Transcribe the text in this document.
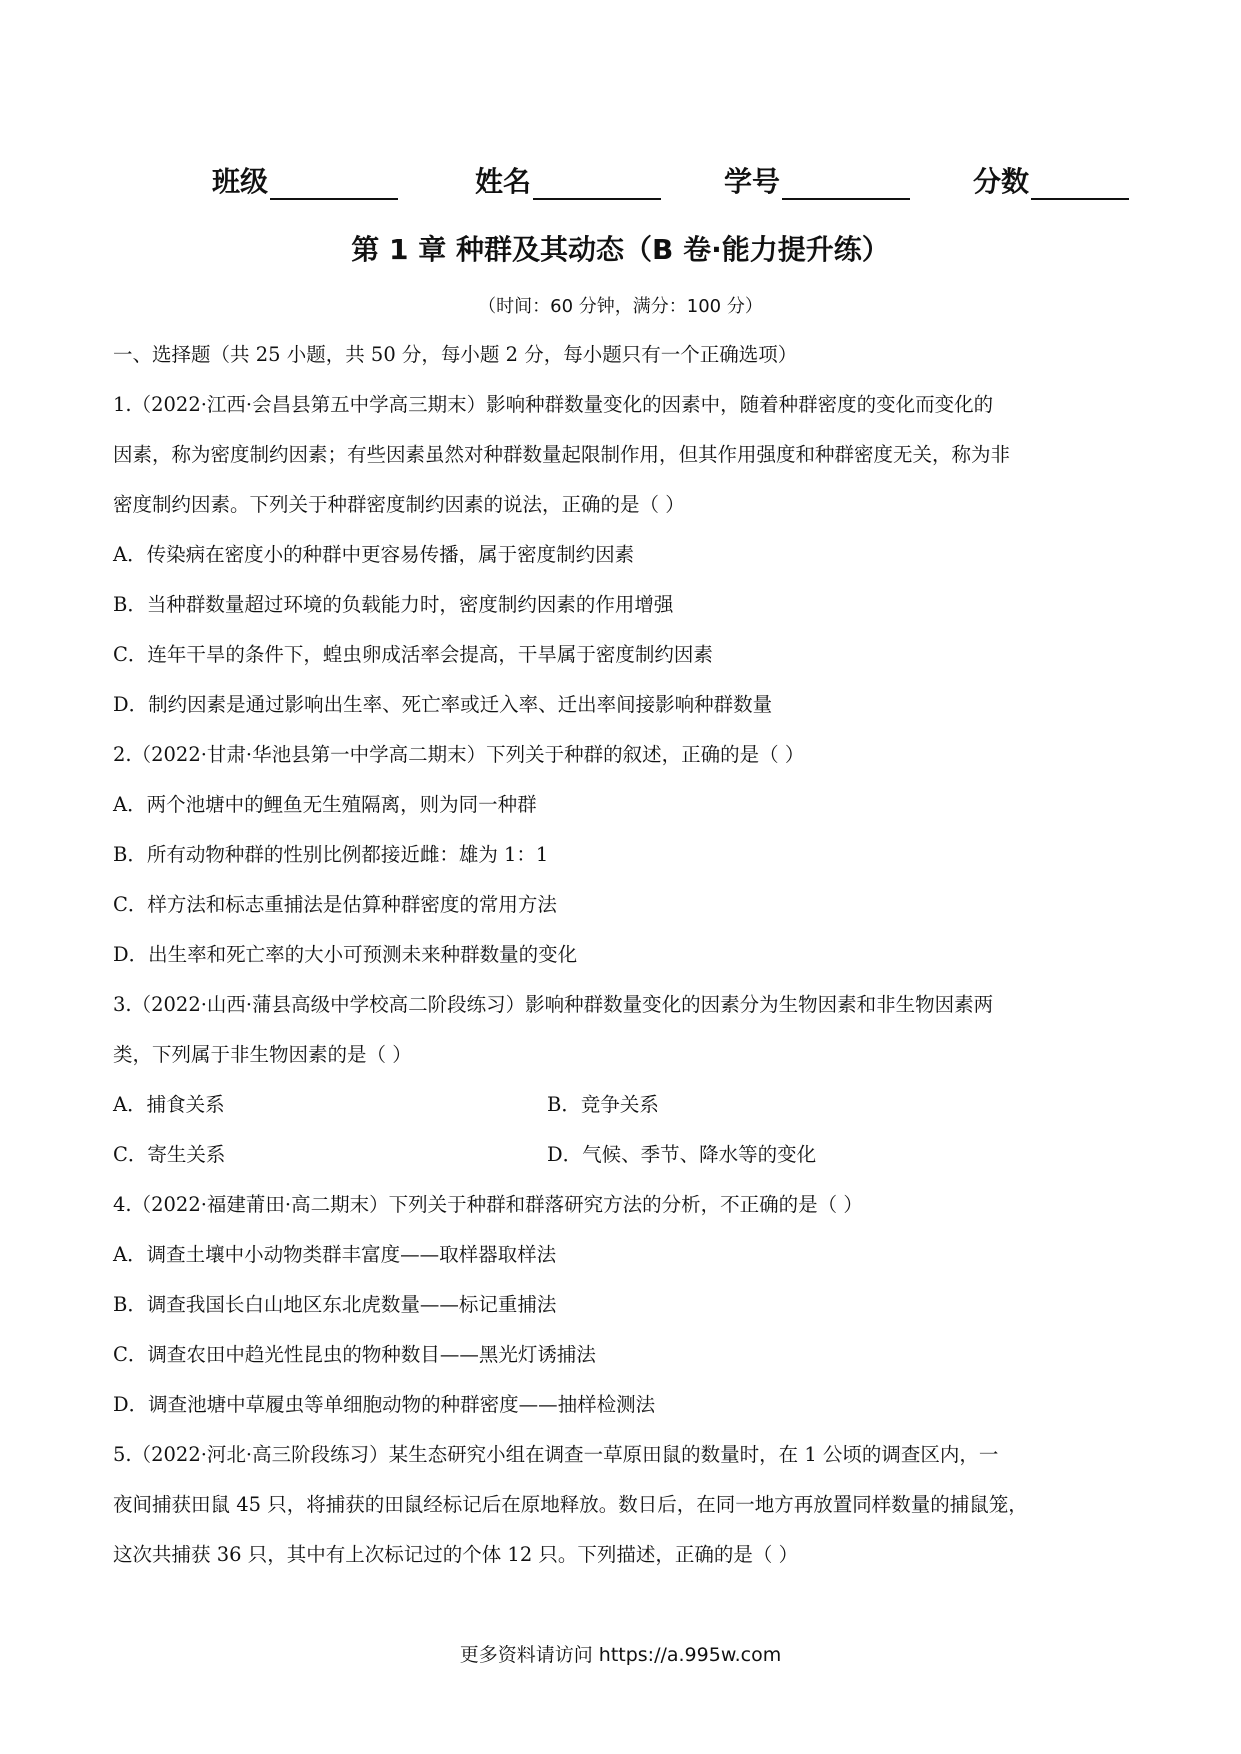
班级	姓名	学号	分数
第 1 章 种群及其动态（B 卷·能力提升练）
（时间：60 分钟，满分：100 分）
一、选择题（共 25 小题，共 50 分，每小题 2 分，每小题只有一个正确选项）
1.（2022·江西·会昌县第五中学高三期末）影响种群数量变化的因素中，随着种群密度的变化而变化的
因素，称为密度制约因素；有些因素虽然对种群数量起限制作用，但其作用强度和种群密度无关，称为非
密度制约因素。下列关于种群密度制约因素的说法，正确的是（ ）
A．传染病在密度小的种群中更容易传播，属于密度制约因素
B．当种群数量超过环境的负载能力时，密度制约因素的作用增强
C．连年干旱的条件下，蝗虫卵成活率会提高，干旱属于密度制约因素
D．制约因素是通过影响出生率、死亡率或迁入率、迁出率间接影响种群数量
2.（2022·甘肃·华池县第一中学高二期末）下列关于种群的叙述，正确的是（ ）
A．两个池塘中的鲤鱼无生殖隔离，则为同一种群
B．所有动物种群的性别比例都接近雌：雄为 1：1
C．样方法和标志重捕法是估算种群密度的常用方法
D．出生率和死亡率的大小可预测未来种群数量的变化
3.（2022·山西·蒲县高级中学校高二阶段练习）影响种群数量变化的因素分为生物因素和非生物因素两
类，下列属于非生物因素的是（ ）
A．捕食关系	B．竞争关系
C．寄生关系	D．气候、季节、降水等的变化
4.（2022·福建莆田·高二期末）下列关于种群和群落研究方法的分析，不正确的是（ ）
A．调查土壤中小动物类群丰富度——取样器取样法
B．调查我国长白山地区东北虎数量——标记重捕法
C．调查农田中趋光性昆虫的物种数目——黑光灯诱捕法
D．调查池塘中草履虫等单细胞动物的种群密度——抽样检测法
5.（2022·河北·高三阶段练习）某生态研究小组在调查一草原田鼠的数量时，在 1 公顷的调查区内，一
夜间捕获田鼠 45 只，将捕获的田鼠经标记后在原地释放。数日后，在同一地方再放置同样数量的捕鼠笼，
这次共捕获 36 只，其中有上次标记过的个体 12 只。下列描述，正确的是（ ）
更多资料请访问 https://a.995w.com
